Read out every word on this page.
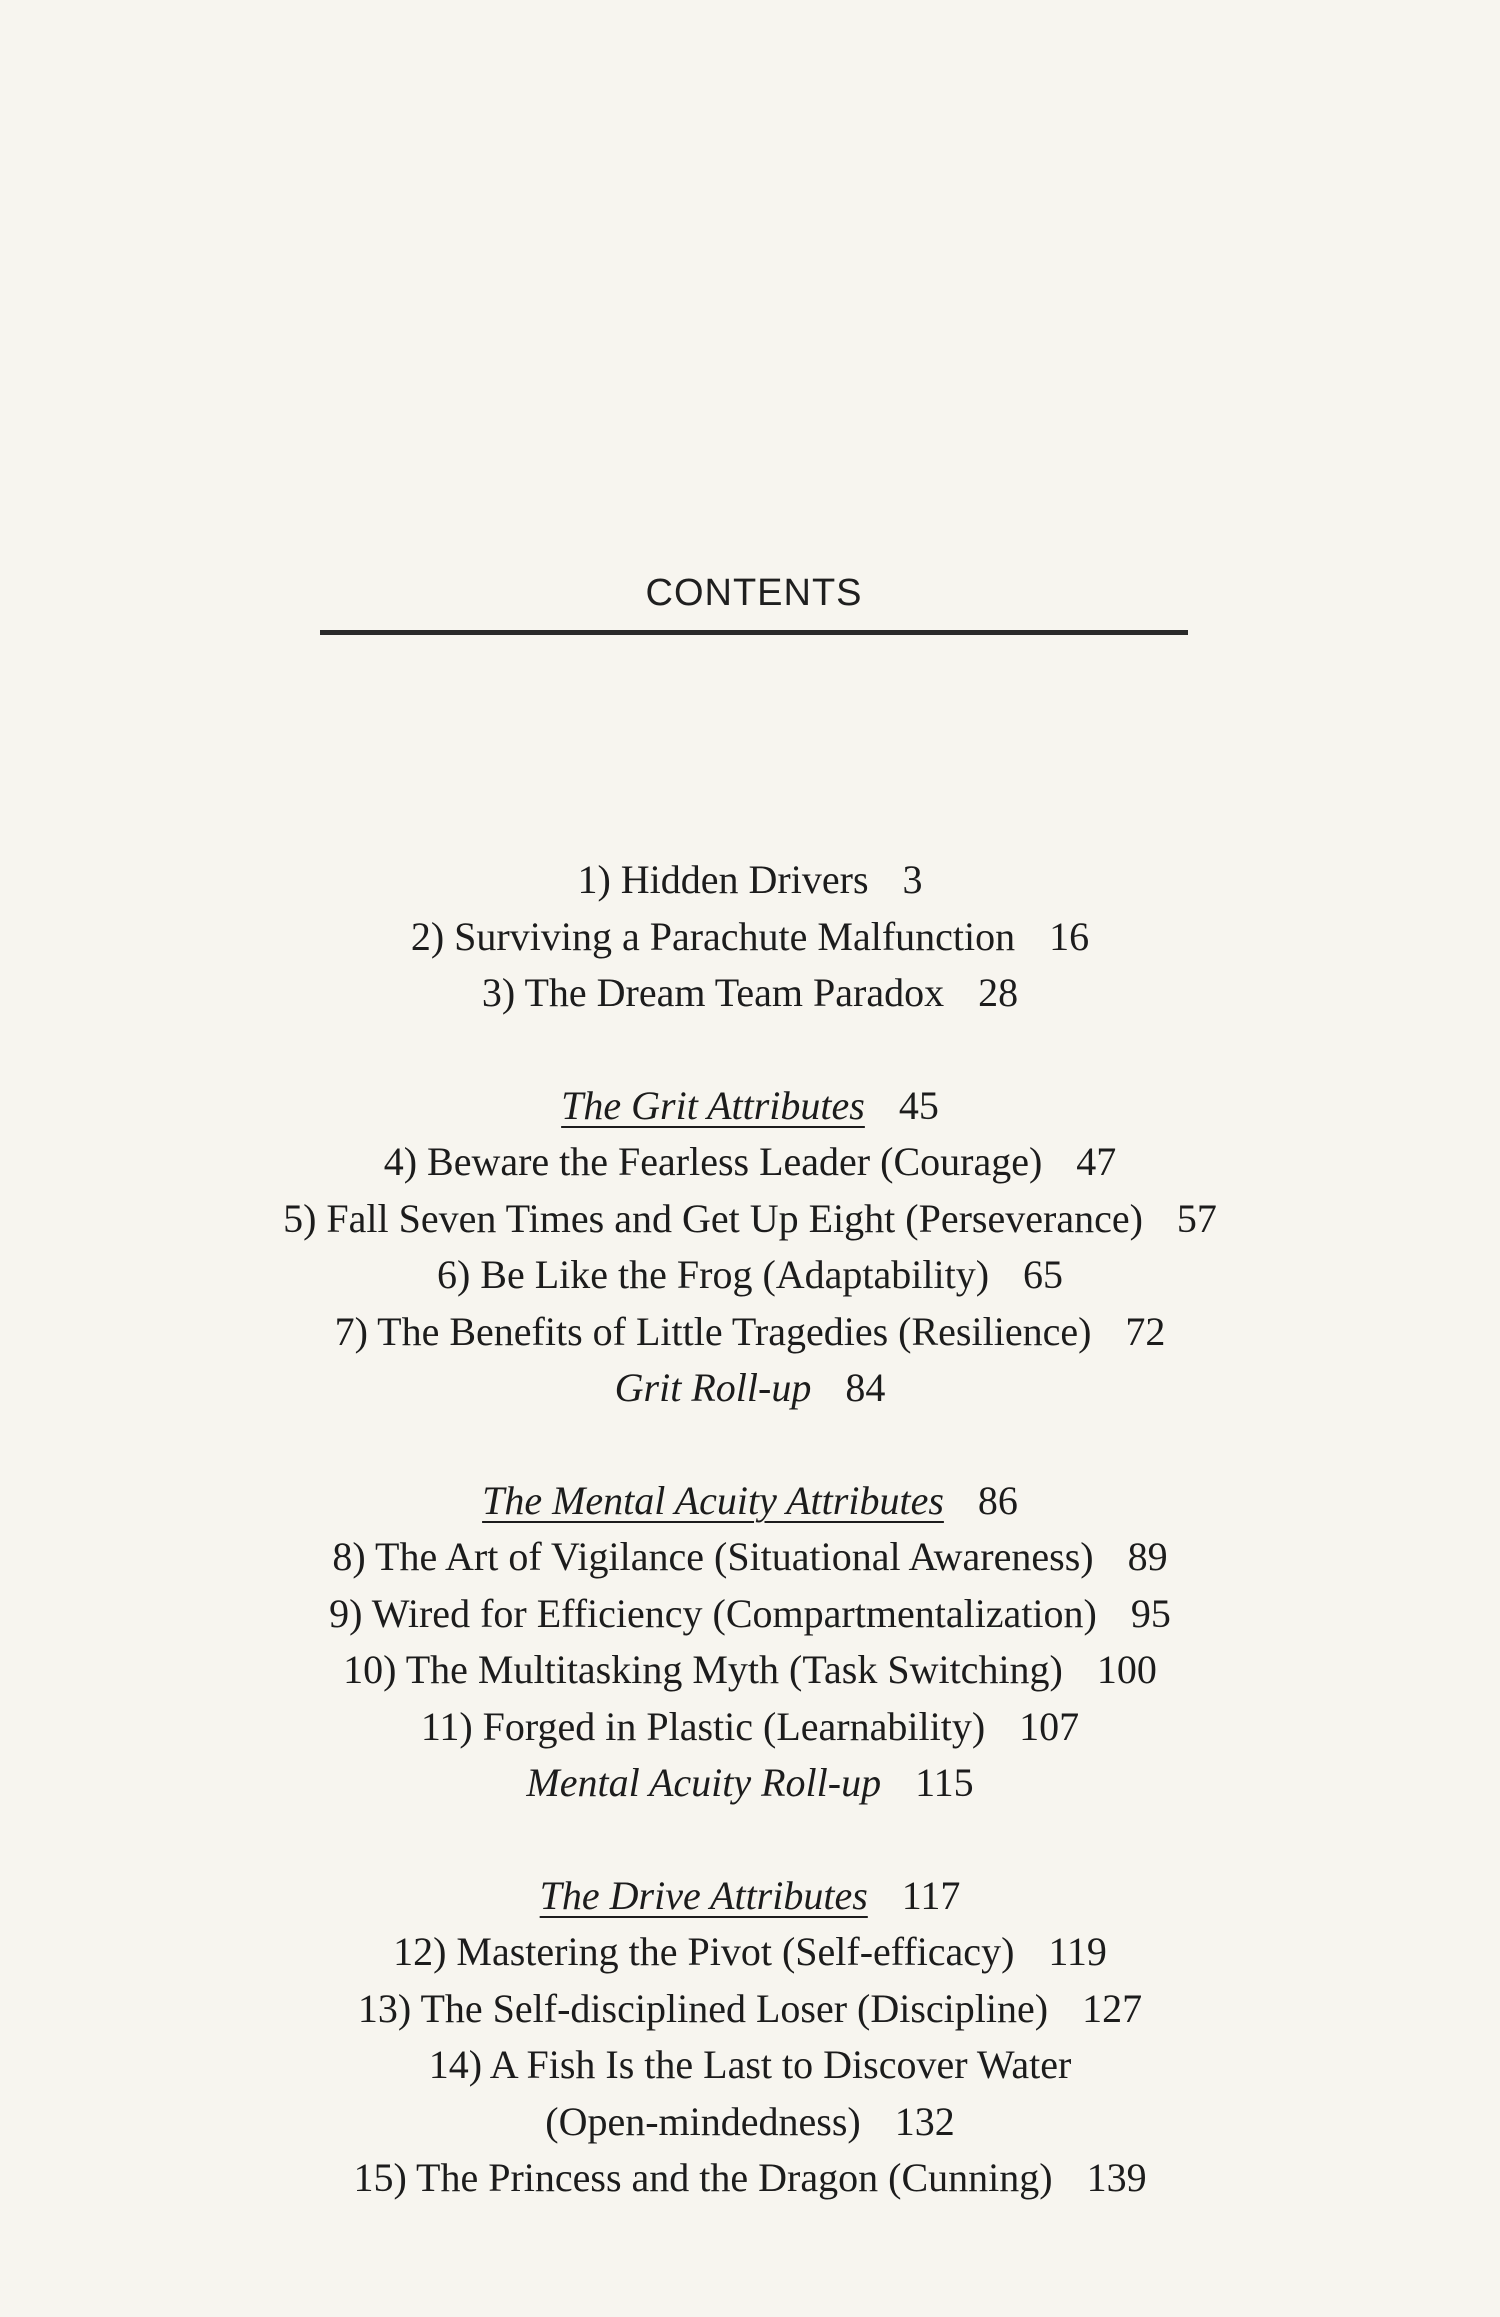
CONTENTS
1) Hidden Drivers 3
2) Surviving a Parachute Malfunction 16
3) The Dream Team Paradox 28
The Grit Attributes 45
4) Beware the Fearless Leader (Courage) 47
5) Fall Seven Times and Get Up Eight (Perseverance) 57
6) Be Like the Frog (Adaptability) 65
7) The Benefits of Little Tragedies (Resilience) 72
Grit Roll-up 84
The Mental Acuity Attributes 86
8) The Art of Vigilance (Situational Awareness) 89
9) Wired for Efficiency (Compartmentalization) 95
10) The Multitasking Myth (Task Switching) 100
11) Forged in Plastic (Learnability) 107
Mental Acuity Roll-up 115
The Drive Attributes 117
12) Mastering the Pivot (Self-efficacy) 119
13) The Self-disciplined Loser (Discipline) 127
14) A Fish Is the Last to Discover Water
(Open-mindedness) 132
15) The Princess and the Dragon (Cunning) 139
